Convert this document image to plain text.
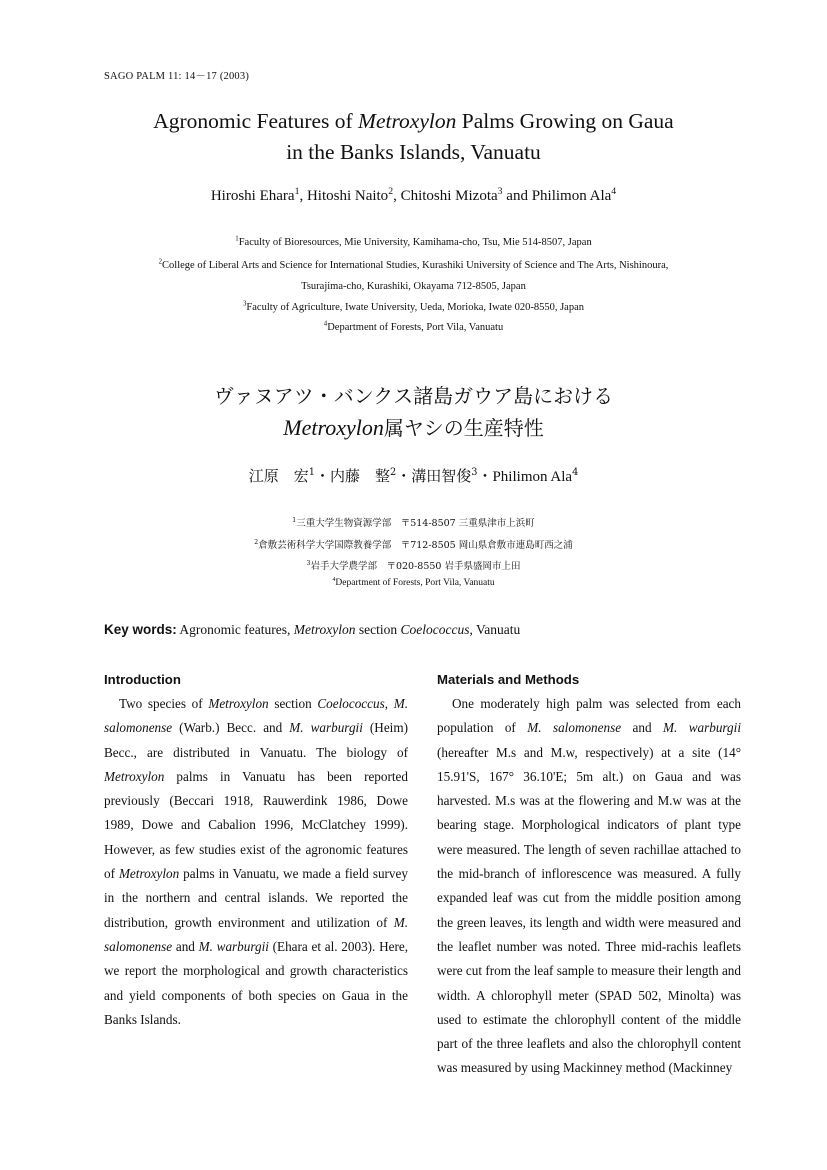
SAGO PALM 11: 14－17 (2003)
Agronomic Features of Metroxylon Palms Growing on Gaua
in the Banks Islands, Vanuatu
Hiroshi Ehara$^1$, Hitoshi Naito$^2$, Chitoshi Mizota$^3$ and Philimon Ala$^4$
$^1$Faculty of Bioresources, Mie University, Kamihama-cho, Tsu, Mie 514-8507, Japan
$^2$College of Liberal Arts and Science for International Studies, Kurashiki University of Science and The Arts, Nishinoura,
Tsurajima-cho, Kurashiki, Okayama 712-8505, Japan
$^3$Faculty of Agriculture, Iwate University, Ueda, Morioka, Iwate 020-8550, Japan
$^4$Department of Forests, Port Vila, Vanuatu
ヴァヌアツ・バンクス諸島ガウア島における
Metroxylon属ヤシの生産特性
江原　宏$^1$・内藤　整$^2$・溝田智俊$^3$・Philimon Ala$^4$
$^1$三重大学生物資源学部　〒514-8507 三重県津市上浜町
$^2$倉敷芸術科学大学国際教養学部　〒712-8505 岡山県倉敷市連島町西之浦
$^3$岩手大学農学部　〒020-8550 岩手県盛岡市上田
$^4$Department of Forests, Port Vila, Vanuatu
Key words: Agronomic features, Metroxylon section Coelococcus, Vanuatu
Introduction

Two species of Metroxylon section Coelococcus, M. salomonense (Warb.) Becc. and M. warburgii (Heim) Becc., are distributed in Vanuatu. The biology of Metroxylon palms in Vanuatu has been reported previously (Beccari 1918, Rauwerdink 1986, Dowe 1989, Dowe and Cabalion 1996, McClatchey 1999). However, as few studies exist of the agronomic features of Metroxylon palms in Vanuatu, we made a field survey in the northern and central islands. We reported the distribution, growth environment and utilization of M. salomonense and M. warburgii (Ehara et al. 2003). Here, we report the morphological and growth characteristics and yield components of both species on Gaua in the Banks Islands.

Materials and Methods

One moderately high palm was selected from each population of M. salomonense and M. warburgii (hereafter M.s and M.w, respectively) at a site (14° 15.91'S, 167° 36.10'E; 5m alt.) on Gaua and was harvested. M.s was at the flowering and M.w was at the bearing stage. Morphological indicators of plant type were measured. The length of seven rachillae attached to the mid-branch of inflorescence was measured. A fully expanded leaf was cut from the middle position among the green leaves, its length and width were measured and the leaflet number was noted. Three mid-rachis leaflets were cut from the leaf sample to measure their length and width. A chlorophyll meter (SPAD 502, Minolta) was used to estimate the chlorophyll content of the middle part of the three leaflets and also the chlorophyll content was measured by using Mackinney method (Mackinney
